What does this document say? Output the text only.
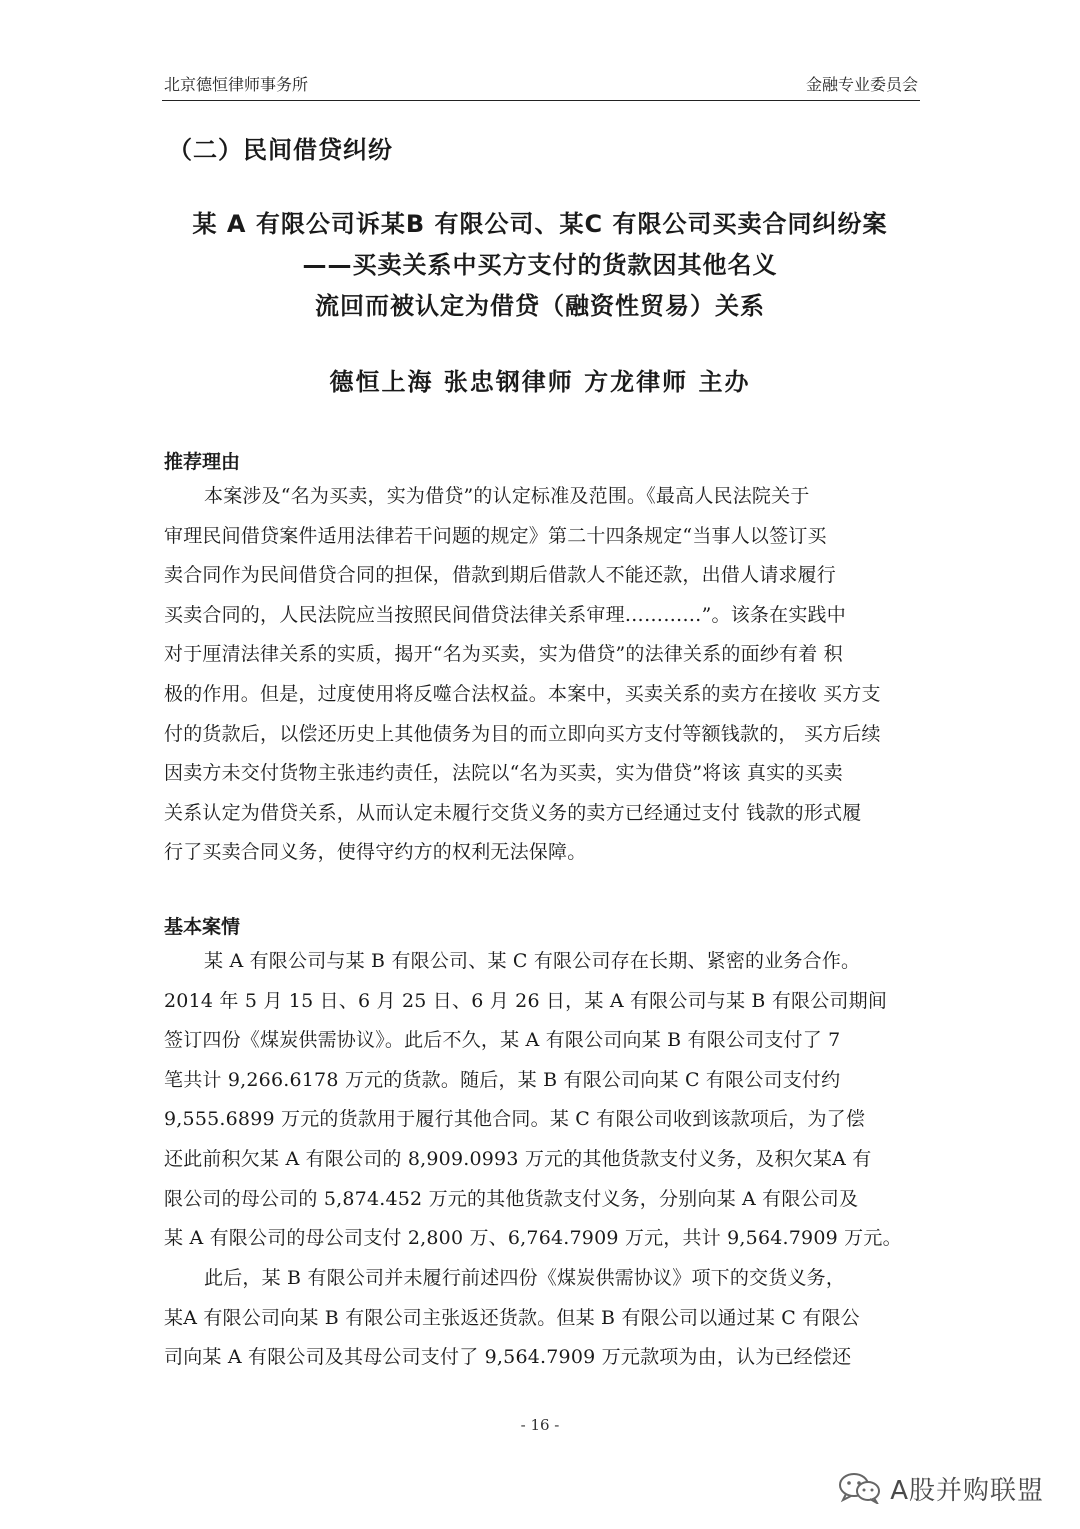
北京德恒律师事务所	金融专业委员会
（二）民间借贷纠纷
某 A 有限公司诉某B 有限公司、某C 有限公司买卖合同纠纷案
——买卖关系中买方支付的货款因其他名义
流回而被认定为借贷（融资性贸易）关系
德恒上海 张忠钢律师 方龙律师 主办
推荐理由
本案涉及“名为买卖，实为借贷”的认定标准及范围。《最高人民法院关于
审理民间借贷案件适用法律若干问题的规定》第二十四条规定“当事人以签订买
卖合同作为民间借贷合同的担保，借款到期后借款人不能还款，出借人请求履行
买卖合同的，人民法院应当按照民间借贷法律关系审理…………”。该条在实践中
对于厘清法律关系的实质，揭开“名为买卖，实为借贷”的法律关系的面纱有着 积
极的作用。但是，过度使用将反噬合法权益。本案中，买卖关系的卖方在接收 买方支
付的货款后，以偿还历史上其他债务为目的而立即向买方支付等额钱款的， 买方后续
因卖方未交付货物主张违约责任，法院以“名为买卖，实为借贷”将该 真实的买卖
关系认定为借贷关系，从而认定未履行交货义务的卖方已经通过支付 钱款的形式履
行了买卖合同义务，使得守约方的权利无法保障。
基本案情
某 A 有限公司与某 B 有限公司、某 C 有限公司存在长期、紧密的业务合作。
2014 年 5 月 15 日、6 月 25 日、6 月 26 日，某 A 有限公司与某 B 有限公司期间
签订四份《煤炭供需协议》。此后不久，某 A 有限公司向某 B 有限公司支付了 7
笔共计 9,266.6178 万元的货款。随后，某 B 有限公司向某 C 有限公司支付约
9,555.6899 万元的货款用于履行其他合同。某 C 有限公司收到该款项后，为了偿
还此前积欠某 A 有限公司的 8,909.0993 万元的其他货款支付义务，及积欠某A 有
限公司的母公司的 5,874.452 万元的其他货款支付义务，分别向某 A 有限公司及
某 A 有限公司的母公司支付 2,800 万、6,764.7909 万元，共计 9,564.7909 万元。
此后，某 B 有限公司并未履行前述四份《煤炭供需协议》项下的交货义务，
某A 有限公司向某 B 有限公司主张返还货款。但某 B 有限公司以通过某 C 有限公
司向某 A 有限公司及其母公司支付了 9,564.7909 万元款项为由，认为已经偿还
- 16 -
A股并购联盟
